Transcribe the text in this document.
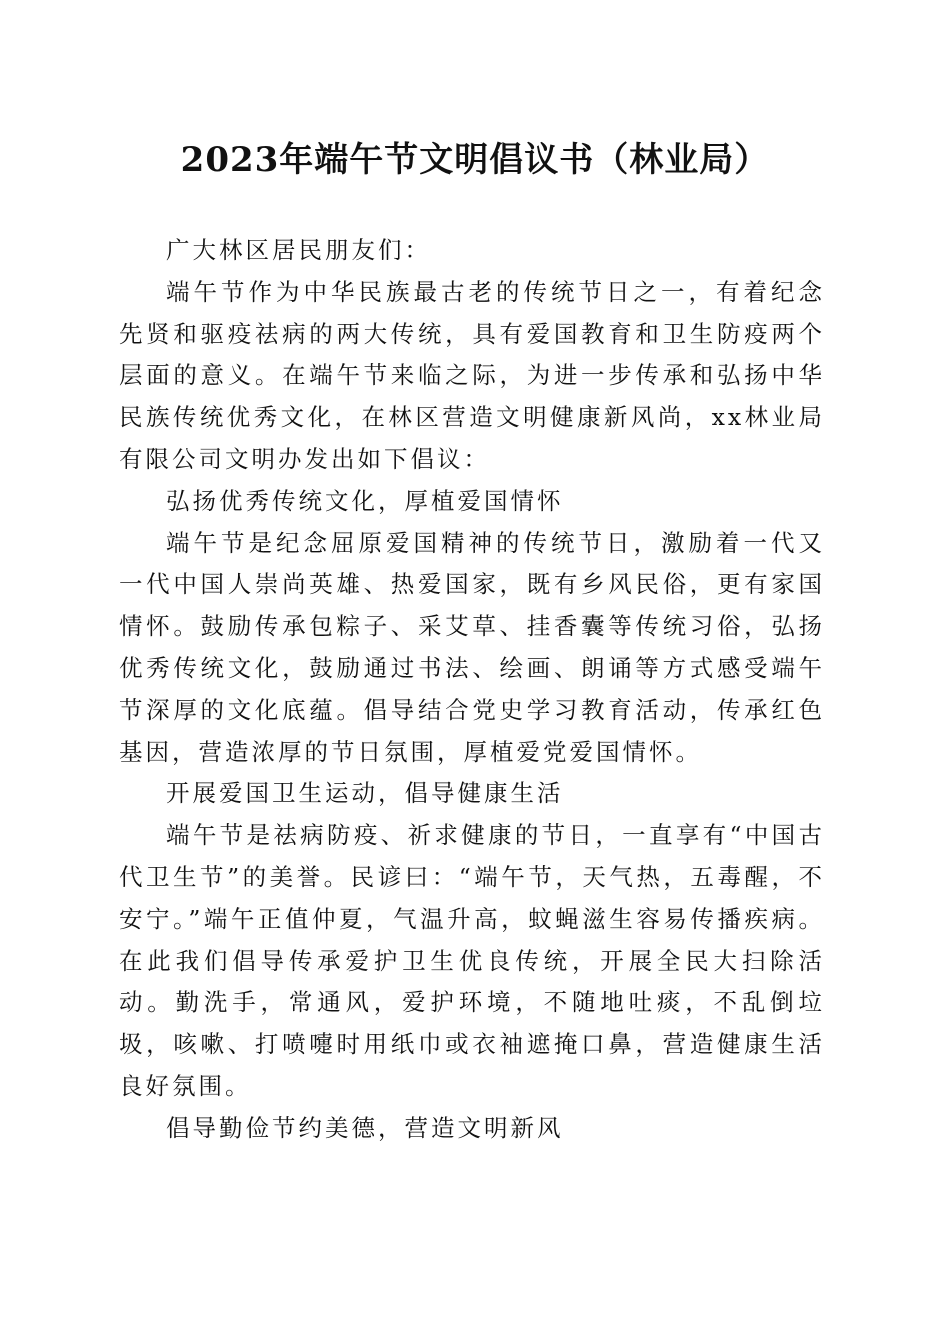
2023年端午节文明倡议书（林业局）

广大林区居民朋友们：

端午节作为中华民族最古老的传统节日之一，有着纪念先贤和驱疫祛病的两大传统，具有爱国教育和卫生防疫两个层面的意义。在端午节来临之际，为进一步传承和弘扬中华民族传统优秀文化，在林区营造文明健康新风尚，xx林业局有限公司文明办发出如下倡议：

弘扬优秀传统文化，厚植爱国情怀

端午节是纪念屈原爱国精神的传统节日，激励着一代又一代中国人崇尚英雄、热爱国家，既有乡风民俗，更有家国情怀。鼓励传承包粽子、采艾草、挂香囊等传统习俗，弘扬优秀传统文化，鼓励通过书法、绘画、朗诵等方式感受端午节深厚的文化底蕴。倡导结合党史学习教育活动，传承红色基因，营造浓厚的节日氛围，厚植爱党爱国情怀。

开展爱国卫生运动，倡导健康生活

端午节是祛病防疫、祈求健康的节日，一直享有“中国古代卫生节”的美誉。民谚曰：“端午节，天气热，五毒醒，不安宁。”端午正值仲夏，气温升高，蚊蝇滋生容易传播疾病。在此我们倡导传承爱护卫生优良传统，开展全民大扫除活动。勤洗手，常通风，爱护环境，不随地吐痰，不乱倒垃圾，咳嗽、打喷嚏时用纸巾或衣袖遮掩口鼻，营造健康生活良好氛围。

倡导勤俭节约美德，营造文明新风
